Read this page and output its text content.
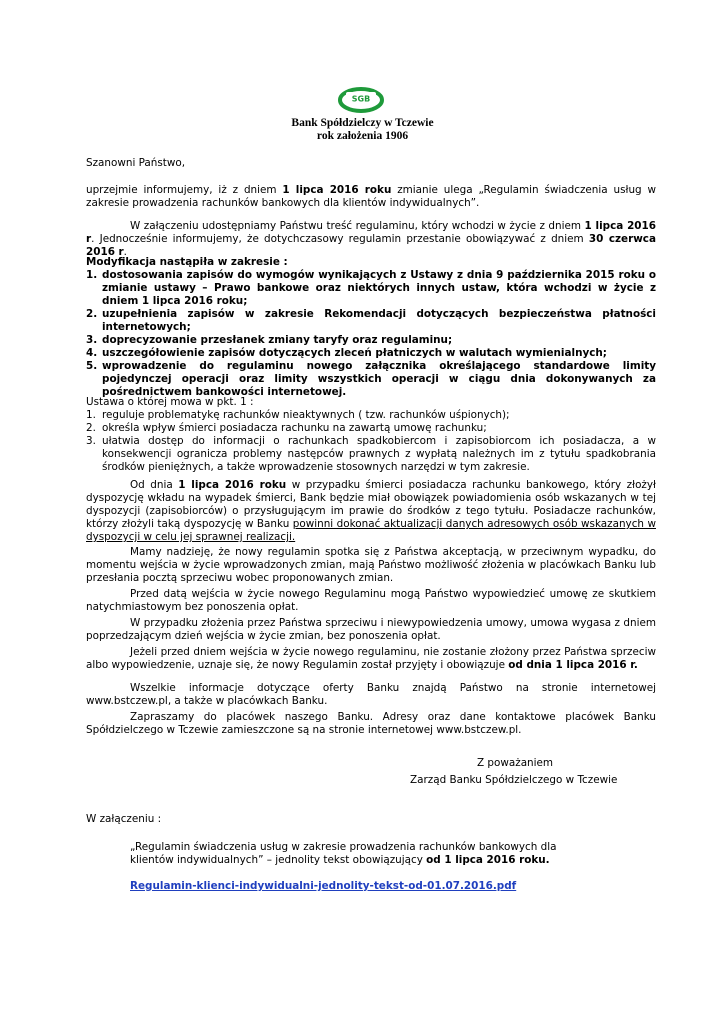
SGB
Bank Spółdzielczy w Tczewie
rok założenia 1906

Szanowni Państwo,

uprzejmie informujemy, iż z dniem 1 lipca 2016 roku zmianie ulega „Regulamin świadczenia usług w zakresie prowadzenia rachunków bankowych dla klientów indywidualnych”.

W załączeniu udostępniamy Państwu treść regulaminu, który wchodzi w życie z dniem 1 lipca 2016 r. Jednocześnie informujemy, że dotychczasowy regulamin przestanie obowiązywać z dniem 30 czerwca 2016 r.

Modyfikacja nastąpiła w zakresie :

1. dostosowania zapisów do wymogów wynikających z Ustawy z dnia 9 października 2015 roku o zmianie ustawy – Prawo bankowe oraz niektórych innych ustaw, która wchodzi w życie z dniem 1 lipca 2016 roku;
2. uzupełnienia zapisów w zakresie Rekomendacji dotyczących bezpieczeństwa płatności internetowych;
3. doprecyzowanie przesłanek zmiany taryfy oraz regulaminu;
4. uszczegółowienie zapisów dotyczących zleceń płatniczych w walutach wymienialnych;
5. wprowadzenie do regulaminu nowego załącznika określającego standardowe limity pojedynczej operacji oraz limity wszystkich operacji w ciągu dnia dokonywanych za pośrednictwem bankowości internetowej.

Ustawa o której mowa w pkt. 1 :

1. reguluje problematykę rachunków nieaktywnych ( tzw. rachunków uśpionych);
2. określa wpływ śmierci posiadacza rachunku na zawartą umowę rachunku;
3. ułatwia dostęp do informacji o rachunkach spadkobiercom i zapisobiorcom ich posiadacza, a w konsekwencji ogranicza problemy następców prawnych z wypłatą należnych im z tytułu spadkobrania środków pieniężnych, a także wprowadzenie stosownych narzędzi w tym zakresie.

Od dnia 1 lipca 2016 roku w przypadku śmierci posiadacza rachunku bankowego, który złożył dyspozycję wkładu na wypadek śmierci, Bank będzie miał obowiązek powiadomienia osób wskazanych w tej dyspozycji (zapisobiorców) o przysługującym im prawie do środków z tego tytułu. Posiadacze rachunków, którzy złożyli taką dyspozycję w Banku powinni dokonać aktualizacji danych adresowych osób wskazanych w dyspozycji w celu jej sprawnej realizacji.

Mamy nadzieję, że nowy regulamin spotka się z Państwa akceptacją, w przeciwnym wypadku, do momentu wejścia w życie wprowadzonych zmian, mają Państwo możliwość złożenia w placówkach Banku lub przesłania pocztą sprzeciwu wobec proponowanych zmian.

Przed datą wejścia w życie nowego Regulaminu mogą Państwo wypowiedzieć umowę ze skutkiem natychmiastowym bez ponoszenia opłat.

W przypadku złożenia przez Państwa sprzeciwu i niewypowiedzenia umowy, umowa wygasa z dniem poprzedzającym dzień wejścia w życie zmian, bez ponoszenia opłat.

Jeżeli przed dniem wejścia w życie nowego regulaminu, nie zostanie złożony przez Państwa sprzeciw albo wypowiedzenie, uznaje się, że nowy Regulamin został przyjęty i obowiązuje od dnia 1 lipca 2016 r.

Wszelkie informacje dotyczące oferty Banku znajdą Państwo na stronie internetowej www.bstczew.pl, a także w placówkach Banku.

Zapraszamy do placówek naszego Banku. Adresy oraz dane kontaktowe placówek Banku Spółdzielczego w Tczewie zamieszczone są na stronie internetowej www.bstczew.pl.

Z poważaniem

Zarząd Banku Spółdzielczego w Tczewie

W załączeniu :

„Regulamin świadczenia usług w zakresie prowadzenia rachunków bankowych dla klientów indywidualnych” – jednolity tekst obowiązujący od 1 lipca 2016 roku.

Regulamin-klienci-indywidualni-jednolity-tekst-od-01.07.2016.pdf
